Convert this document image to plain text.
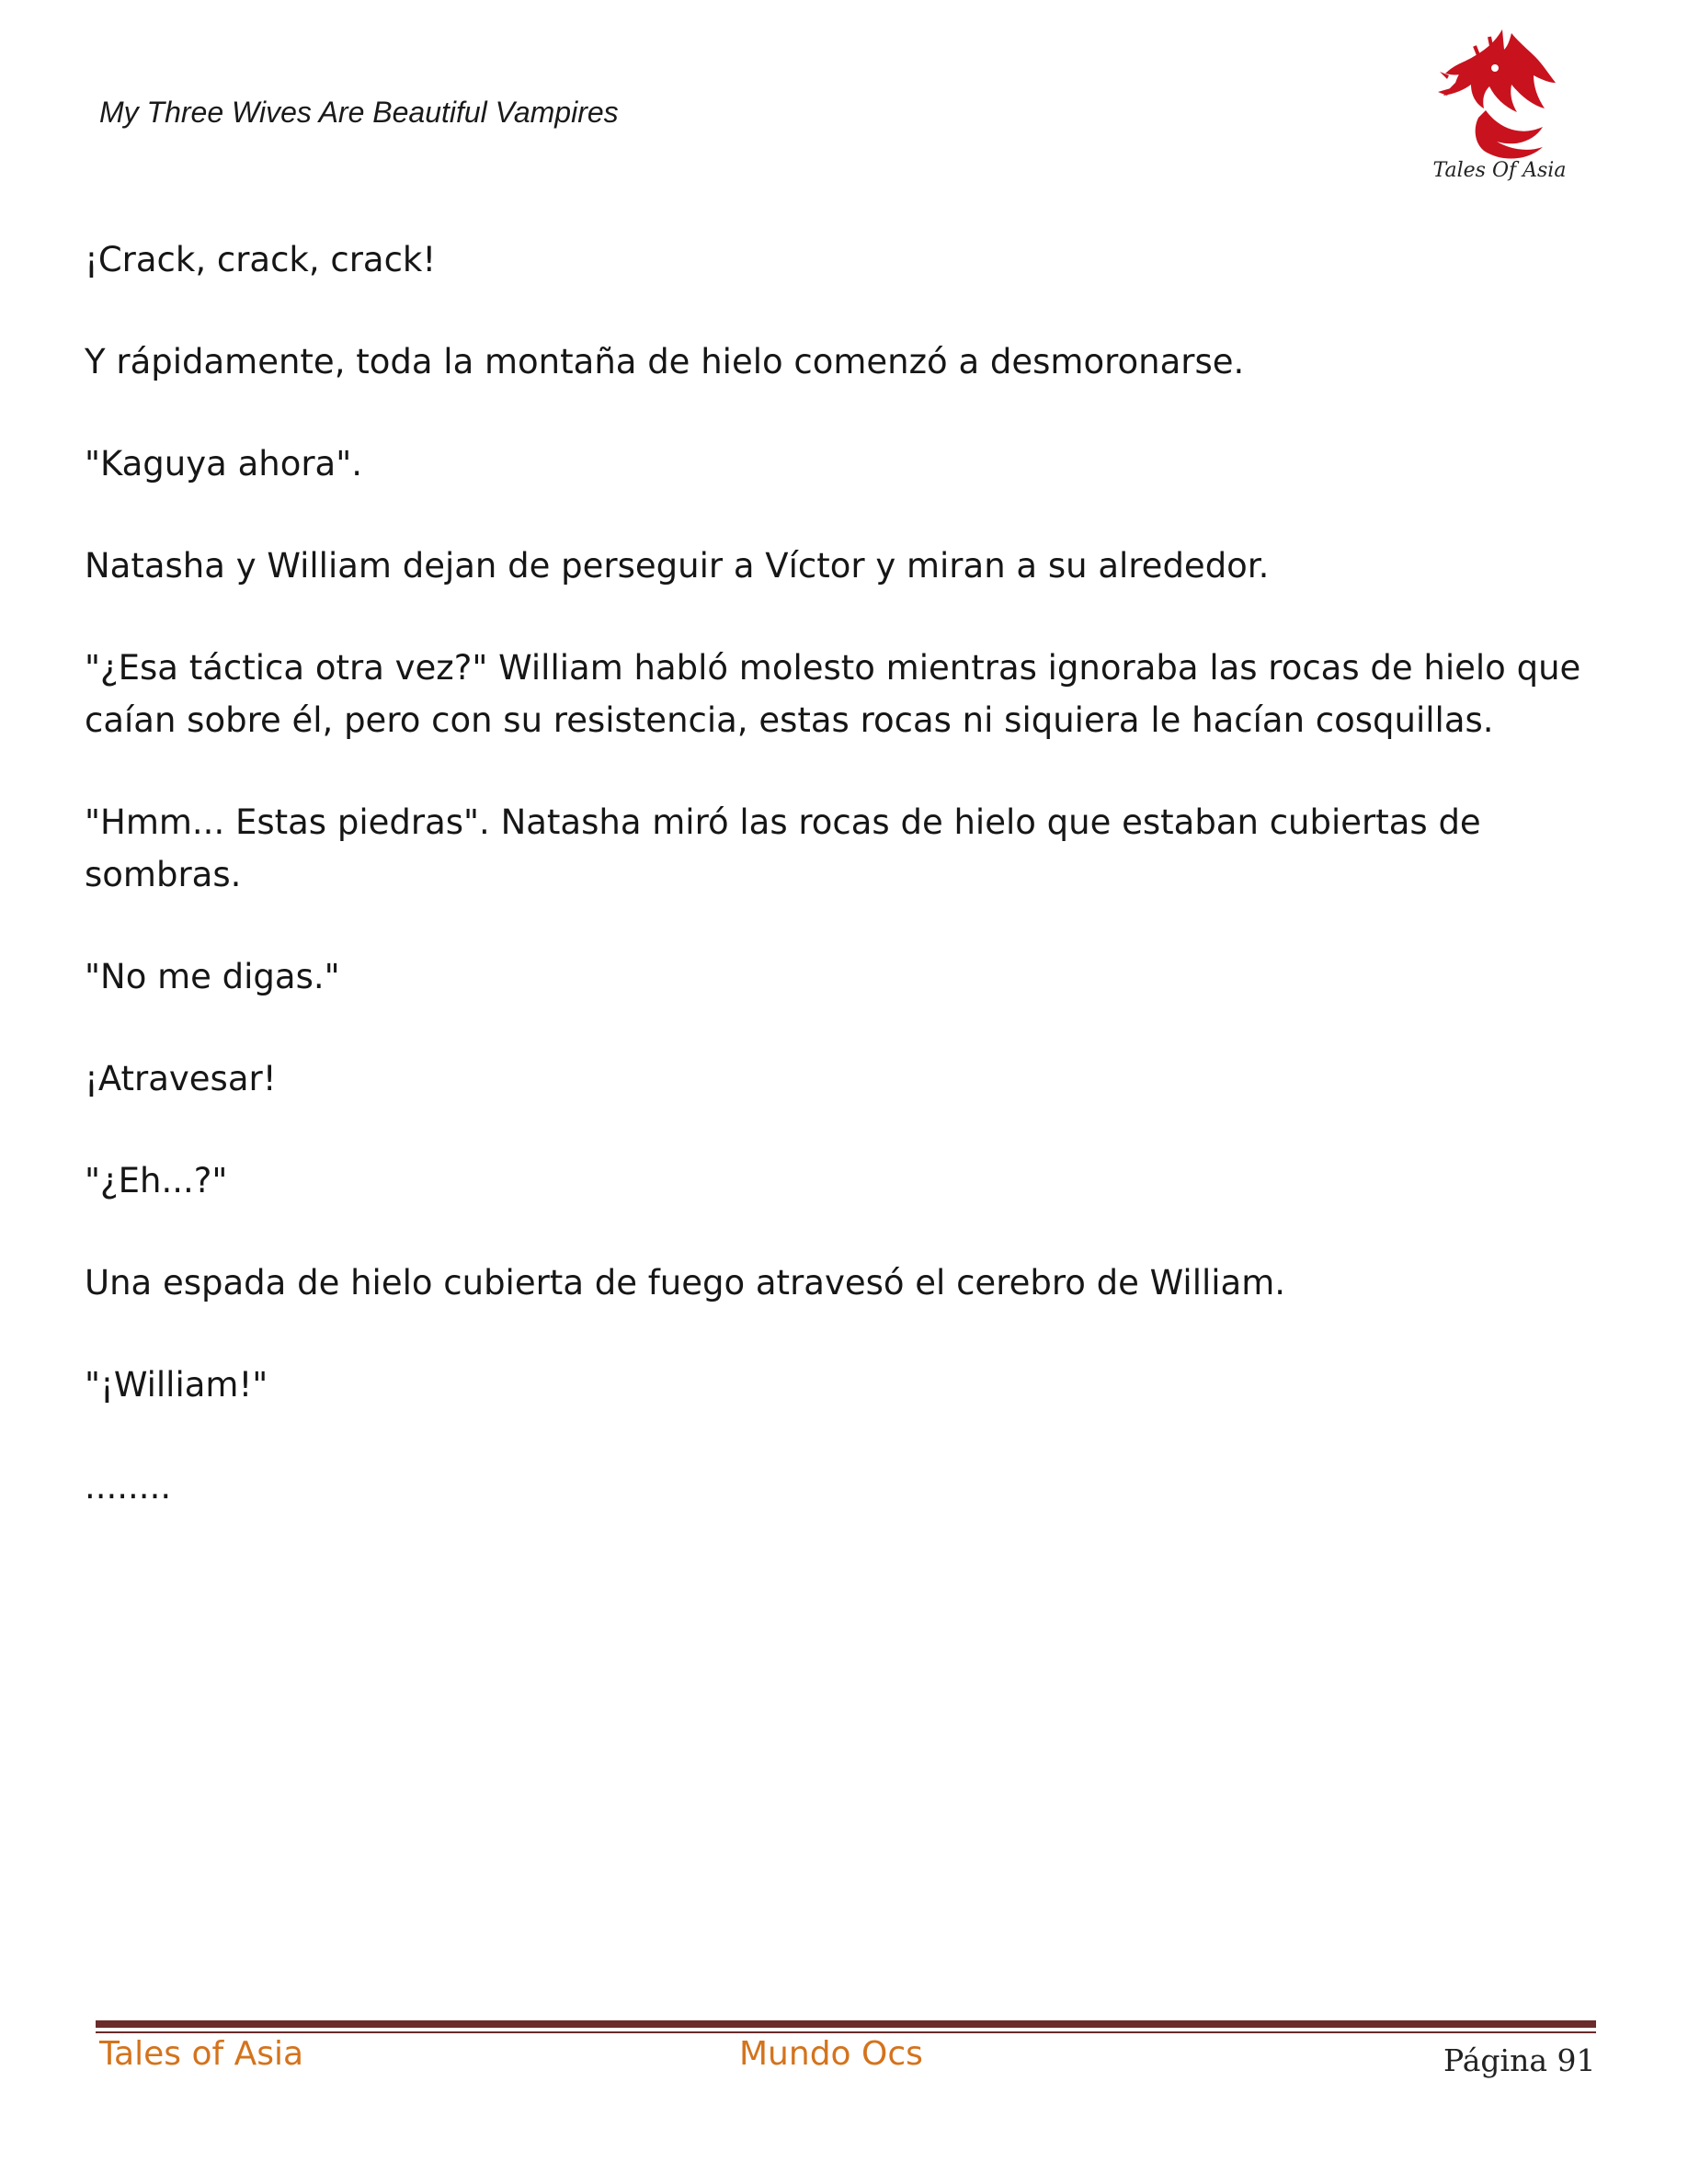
My Three Wives Are Beautiful Vampires
Tales Of Asia

¡Crack, crack, crack!

Y rápidamente, toda la montaña de hielo comenzó a desmoronarse.

"Kaguya ahora".

Natasha y William dejan de perseguir a Víctor y miran a su alrededor.

"¿Esa táctica otra vez?" William habló molesto mientras ignoraba las rocas de hielo que caían sobre él, pero con su resistencia, estas rocas ni siquiera le hacían cosquillas.

"Hmm... Estas piedras". Natasha miró las rocas de hielo que estaban cubiertas de sombras.

"No me digas."

¡Atravesar!

"¿Eh...?"

Una espada de hielo cubierta de fuego atravesó el cerebro de William.

"¡William!"

........

Tales of Asia	Mundo Ocs	Página 91
